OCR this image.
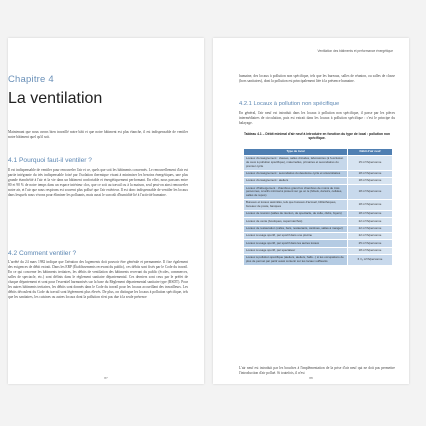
Chapitre 4
La ventilation
Maintenant que nous avons bien travaillé notre bâti et que notre bâtiment est plus étanche, il est indispensable de ventiler notre bâtiment quel qu'il soit.
4.1 Pourquoi faut-il ventiler ?
Il est indispensable de ventiler pour renouveler l'air et ce, quels que soit les bâtiments concernés. Le renouvellement d'air est partie intégrante du très indispensable foisé par l'isolation thermique visant à minimiser les besoins énergétiques, une plus grande étanchéité à l'air et la vie dans un bâtiment confortable et énergétiquement performant. En effet, nous passons entre 80 et 90 % de notre temps dans un espace intérieur clos, que ce soit au travail ou à la maison, seul peut-on ainsi renouveler notre air, et l'air que nous respirons est souvent plus pollué que l'air extérieur. Il est donc indispensable de ventiler les locaux dans lesquels nous vivons pour éliminer les polluants, mais aussi le surcoût d'humidité lié à l'activité humaine.
4.2 Comment ventiler ?
L'arrêté du 24 mars 1982 indique que l'aération des logements doit pouvoir être générale et permanente. Il fixe également des exigences de débit extrait. Dans les ERP (Établissements recevant du public), ces débits sont fixés par le Code du travail. En ce qui concerne les bâtiments tertiaires, les débits de ventilation des bâtiments recevant du public (écoles, commerces, salles de spectacle, etc.) sont définis dans le règlement sanitaire départemental. Ces derniers sont ceux par le préfet de chaque département et sont pour l'essentiel harmonisés sur la base du Règlement départemental sanitaire type (RSDT). Pour les autres bâtiments tertiaires, les débits sont donnés dans le Code du travail pour les locaux accueillant des travailleurs. Les débits découlent du Code du travail sont légèrement plus élevés. De plus, on distingue les locaux à pollution spécifique, tels que les sanitaires, les cuisines ou autres locaux dont la pollution n'est pas due à la seule présence
87
Ventilation des bâtiments et performance énergétique
humaine, des locaux à pollution non spécifique, tels que les bureaux, salles de réunion, ou salles de classe (hors sanitaires), dont la pollution est principalement liée à la présence humaine.
4.2.1 Locaux à pollution non spécifique
En général, l'air neuf est introduit dans les locaux à pollution non spécifique, il passe par les pièces intermédiaires de circulation, puis est extrait dans les locaux à pollution spécifique : c'est le principe du balayage.
Tableau 4.1 – Débit minimal d'air neuf à introduire en fonction du type de local : pollution non spécifique.
Type de local	Débit d'air neuf
Locaux d'enseignement : classes, salles d'études, laboratoires (à l'exclusion de ceux à pollution spécifique), maternelles, primaires et secondaires du premier cycle	15 m³/h/personne
Locaux d'enseignement : secondaires du deuxième cycle et universitaires	18 m³/h/personne
Locaux d'enseignement : ateliers	18 m³/h/personne
Locaux d'hébergement : chambres grand lux chambres de moins de trois personnes, à tarifs minimal à présent sur ge on le (hôtels, dortoirs, cellules, salles de repos)	18 m³/h/personne
Bureaux et locaux assimilés, tels que bureaux d'accueil, bibliothèques, bureaux de poste, banques	18 m³/h/personne
Locaux de réunion (salles de réunion, de spectacle, de culte, clubs, foyers)	18 m³/h/personne
Locaux de vente (boutiques, supermarchés)	22 m³/h/personne
Locaux de restauration (cafés, bars, restaurants, cantines, salles à manger)	22 m³/h/personne
Locaux à usage sportif, par sportif dans une piscine	22 m³/h/personne
Locaux à usage sportif, par sportif dans les autres locaux	25 m³/h/personne
Locaux à usage sportif, par spectateur	18 m³/h/personne
Locaux à pollution spécifique (ateliers, ateliers, halls...) si les occupations de plus de permet par partir aussi contenir sur les locaux suffisants	6 ¹/₂ m³/h/personne
L'air neuf est introduit par les bouches à l'implémentation de la prise d'air neuf qui ne doit pas permettre l'introduction d'air pollué. Si toutefois, il n'est
88
